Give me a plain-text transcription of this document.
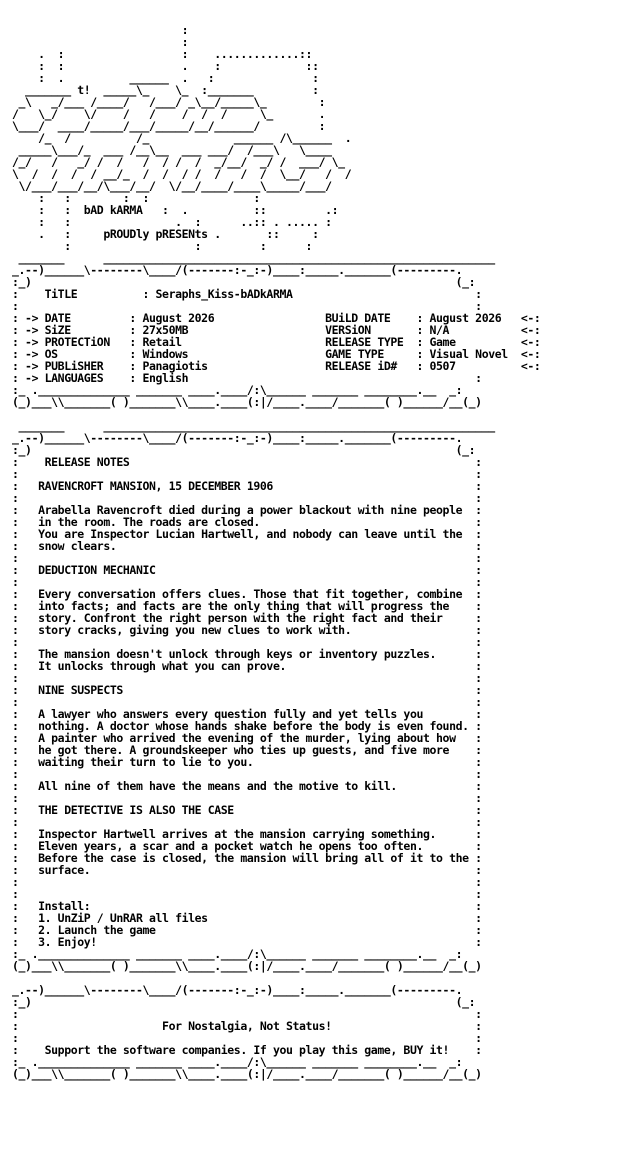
:
:
.  :                  :    .............::
:  :                  .    :             ::
:  .          ______  .   :               :
_______ t!  _____\_    \_  :_______         :
_\   _/___ /____/   /___/ _\__/_____\_        :
/   \_/    \/    /   /    /  /  /     \_       .
\___/  ____/_____/___/_____/__/______/         :
/_  /          /_             ______ /\______  .
_____\___/_  ___ /__\__  ___ ___/  /___\   \____
/_/   /   _/ /  /   /  / /  /  _/__/  _/ /  ___/ \_
\  /  /  /  / __/_  /  /  / /  /   /  /  \__/   /  /
\/___/___/__/\___/__/  \/__/____/____\_____/___/
:   :        :  :                :
:   :  bAD kARMA   :  .          ::         .:
:   :                .  :      ..:: . ..... :
.   :     pROUDly pRESENts .       ::     :
:                   :         :      :
_______      ____________________________________________________________
_.--)______\--------\____/(-------:-_:-)____:_____._______(---------.
:_)                                                                 (_:
:    TiTLE          : Seraphs_Kiss-bADkARMA                            :
:                                                                      :
: -> DATE         : August 2026                 BUiLD DATE    : August 2026   <-:
: -> SiZE         : 27x50MB                     VERSiON       : N/A           <-:
: -> PROTECTiON   : Retail                      RELEASE TYPE  : Game          <-:
: -> OS           : Windows                     GAME TYPE     : Visual Novel  <-:
: -> PUBLiSHER    : Panagiotis                  RELEASE iD#   : 0507          <-:
: -> LANGUAGES    : English                                            :
:_ .______________ _______ ____.____/:\______ _______ ________.__  _:
(_)___\\_______( )_______\\____.____(:|/____.____/_______( )______/__(_)

_______      ____________________________________________________________
_.--)______\--------\____/(-------:-_:-)____:_____._______(---------.
:_)                                                                 (_:
:    RELEASE NOTES                                                     :
:                                                                      :
:   RAVENCROFT MANSION, 15 DECEMBER 1906                               :
:                                                                      :
:   Arabella Ravencroft died during a power blackout with nine people  :
:   in the room. The roads are closed.                                 :
:   You are Inspector Lucian Hartwell, and nobody can leave until the  :
:   snow clears.                                                       :
:                                                                      :
:   DEDUCTION MECHANIC                                                 :
:                                                                      :
:   Every conversation offers clues. Those that fit together, combine  :
:   into facts; and facts are the only thing that will progress the    :
:   story. Confront the right person with the right fact and their     :
:   story cracks, giving you new clues to work with.                   :
:                                                                      :
:   The mansion doesn't unlock through keys or inventory puzzles.      :
:   It unlocks through what you can prove.                             :
:                                                                      :
:   NINE SUSPECTS                                                      :
:                                                                      :
:   A lawyer who answers every question fully and yet tells you        :
:   nothing. A doctor whose hands shake before the body is even found. :
:   A painter who arrived the evening of the murder, lying about how   :
:   he got there. A groundskeeper who ties up guests, and five more    :
:   waiting their turn to lie to you.                                  :
:                                                                      :
:   All nine of them have the means and the motive to kill.            :
:                                                                      :
:   THE DETECTIVE IS ALSO THE CASE                                     :
:                                                                      :
:   Inspector Hartwell arrives at the mansion carrying something.      :
:   Eleven years, a scar and a pocket watch he opens too often.        :
:   Before the case is closed, the mansion will bring all of it to the :
:   surface.                                                           :
:                                                                      :
:                                                                      :
:   Install:                                                           :
:   1. UnZiP / UnRAR all files                                         :
:   2. Launch the game                                                 :
:   3. Enjoy!                                                          :
:_ .______________ _______ ____.____/:\______ _______ ________.__  _:
(_)___\\_______( )_______\\____.____(:|/____.____/_______( )______/__(_)

_.--)______\--------\____/(-------:-_:-)____:_____._______(---------.
:_)                                                                 (_:
:                                                                      :
:                      For Nostalgia, Not Status!                      :
:                                                                      :
:    Support the software companies. If you play this game, BUY it!    :
:_ .______________ _______ ____.____/:\______ _______ ________.__  _:
(_)___\\_______( )_______\\____.____(:|/____.____/_______( )______/__(_)
